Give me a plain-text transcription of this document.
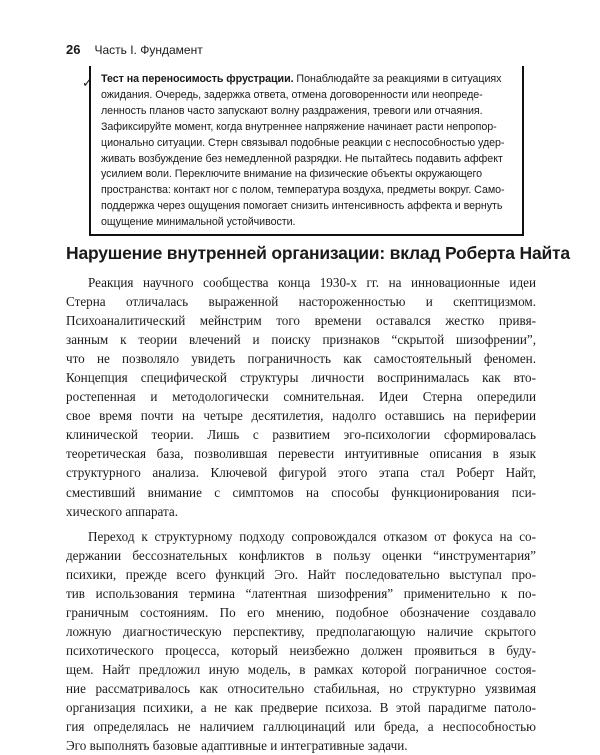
26 Часть I. Фундамент
✓ Тест на переносимость фрустрации. Понаблюдайте за реакциями в ситуациях
ожидания. Очередь, задержка ответа, отмена договоренности или неопреде-
ленность планов часто запускают волну раздражения, тревоги или отчаяния.
Зафиксируйте момент, когда внутреннее напряжение начинает расти непропор-
ционально ситуации. Стерн связывал подобные реакции с неспособностью удер-
живать возбуждение без немедленной разрядки. Не пытайтесь подавить аффект
усилием воли. Переключите внимание на физические объекты окружающего
пространства: контакт ног с полом, температура воздуха, предметы вокруг. Само-
поддержка через ощущения помогает снизить интенсивность аффекта и вернуть
ощущение минимальной устойчивости.
Нарушение внутренней организации: вклад Роберта Найта
Реакция научного сообщества конца 1930-х гг. на инновационные идеи
Стерна отличалась выраженной настороженностью и скептицизмом.
Психоаналитический мейнстрим того времени оставался жестко привя-
занным к теории влечений и поиску признаков “скрытой шизофрении”,
что не позволяло увидеть пограничность как самостоятельный феномен.
Концепция специфической структуры личности воспринималась как вто-
ростепенная и методологически сомнительная. Идеи Стерна опередили
свое время почти на четыре десятилетия, надолго оставшись на периферии
клинической теории. Лишь с развитием эго-психологии сформировалась
теоретическая база, позволившая перевести интуитивные описания в язык
структурного анализа. Ключевой фигурой этого этапа стал Роберт Найт,
сместивший внимание с симптомов на способы функционирования пси-
хического аппарата.
Переход к структурному подходу сопровождался отказом от фокуса на со-
держании бессознательных конфликтов в пользу оценки “инструментария”
психики, прежде всего функций Эго. Найт последовательно выступал про-
тив использования термина “латентная шизофрения” применительно к по-
граничным состояниям. По его мнению, подобное обозначение создавало
ложную диагностическую перспективу, предполагающую наличие скрытого
психотического процесса, который неизбежно должен проявиться в буду-
щем. Найт предложил иную модель, в рамках которой пограничное состоя-
ние рассматривалось как относительно стабильная, но структурно уязвимая
организация психики, а не как предверие психоза. В этой парадигме патоло-
гия определялась не наличием галлюцинаций или бреда, а неспособностью
Эго выполнять базовые адаптивные и интегративные задачи.
